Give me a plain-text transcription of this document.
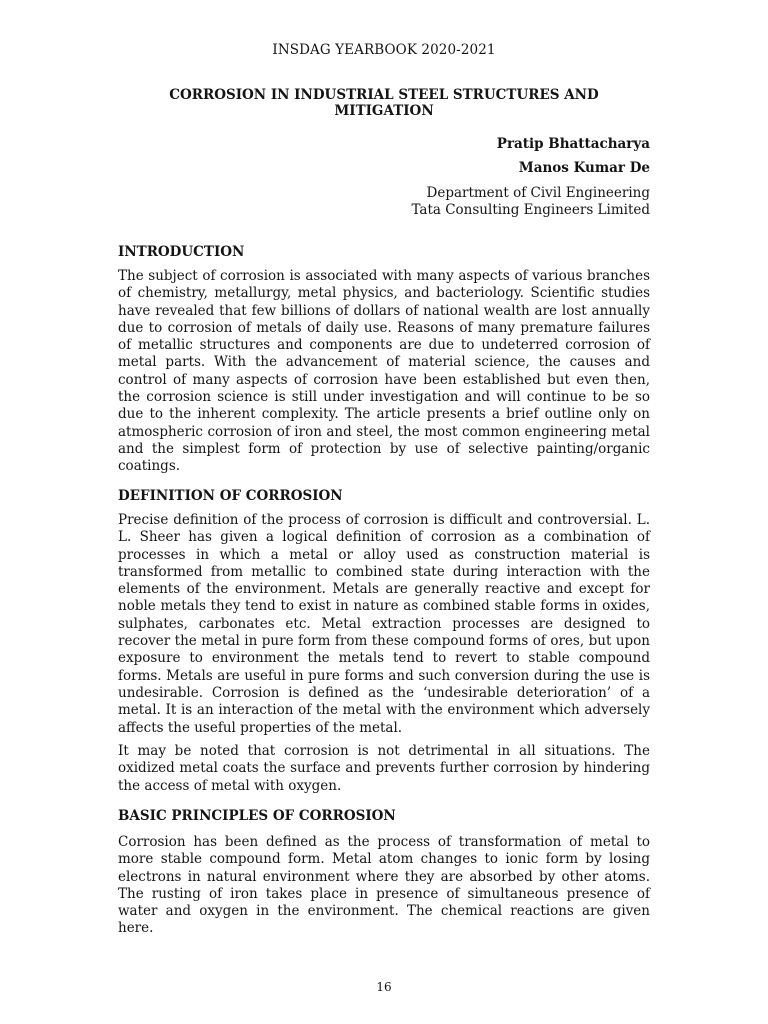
INSDAG YEARBOOK 2020-2021
CORROSION IN INDUSTRIAL STEEL STRUCTURES AND MITIGATION
Pratip Bhattacharya
Manos Kumar De
Department of Civil Engineering
Tata Consulting Engineers Limited
INTRODUCTION

The subject of corrosion is associated with many aspects of various branches of chemistry, metallurgy, metal physics, and bacteriology. Scientific studies have revealed that few billions of dollars of national wealth are lost annually due to corrosion of metals of daily use. Reasons of many premature failures of metallic structures and components are due to undeterred corrosion of metal parts. With the advancement of material science, the causes and control of many aspects of corrosion have been established but even then, the corrosion science is still under investigation and will continue to be so due to the inherent complexity. The article presents a brief outline only on atmospheric corrosion of iron and steel, the most common engineering metal and the simplest form of protection by use of selective painting/organic coatings.

DEFINITION OF CORROSION

Precise definition of the process of corrosion is difficult and controversial. L. L. Sheer has given a logical definition of corrosion as a combination of processes in which a metal or alloy used as construction material is transformed from metallic to combined state during interaction with the elements of the environment. Metals are generally reactive and except for noble metals they tend to exist in nature as combined stable forms in oxides, sulphates, carbonates etc. Metal extraction processes are designed to recover the metal in pure form from these compound forms of ores, but upon exposure to environment the metals tend to revert to stable compound forms. Metals are useful in pure forms and such conversion during the use is undesirable. Corrosion is defined as the ‘undesirable deterioration’ of a metal. It is an interaction of the metal with the environment which adversely affects the useful properties of the metal.

It may be noted that corrosion is not detrimental in all situations. The oxidized metal coats the surface and prevents further corrosion by hindering the access of metal with oxygen.

BASIC PRINCIPLES OF CORROSION

Corrosion has been defined as the process of transformation of metal to more stable compound form. Metal atom changes to ionic form by losing electrons in natural environment where they are absorbed by other atoms. The rusting of iron takes place in presence of simultaneous presence of water and oxygen in the environment. The chemical reactions are given here.

16
